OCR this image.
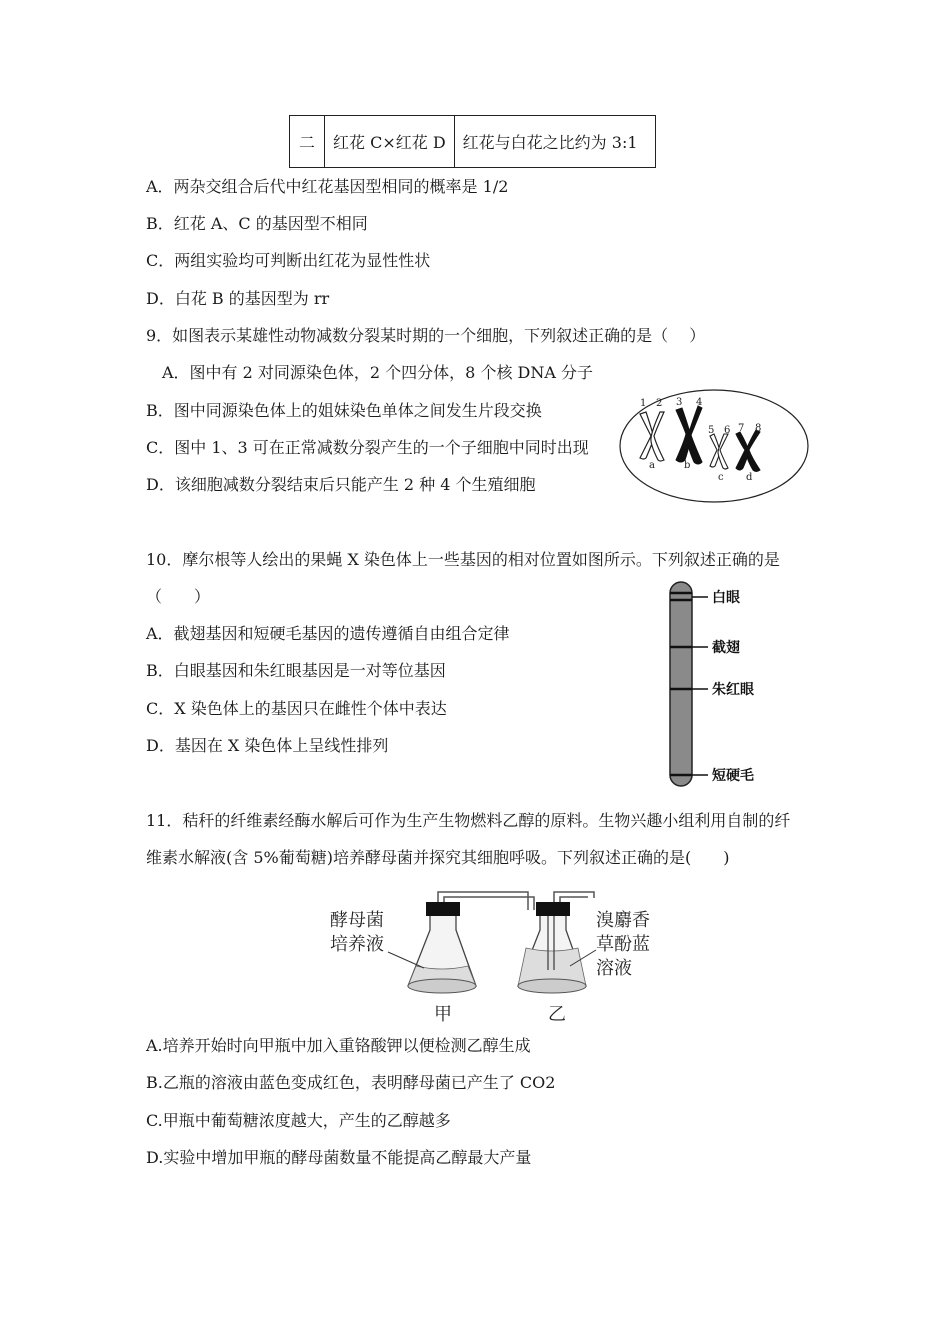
二	红花 C×红花 D	红花与白花之比约为 3:1
A．两杂交组合后代中红花基因型相同的概率是 1/2
B．红花 A、C 的基因型不相同
C．两组实验均可判断出红花为显性性状
D．白花 B 的基因型为 rr
9．如图表示某雄性动物减数分裂某时期的一个细胞，下列叙述正确的是（　 ）
A．图中有 2 对同源染色体，2 个四分体，8 个核 DNA 分子
B．图中同源染色体上的姐妹染色单体之间发生片段交换
C．图中 1、3 可在正常减数分裂产生的一个子细胞中同时出现
D．该细胞减数分裂结束后只能产生 2 种 4 个生殖细胞
1 2 3 4
5 6 7 8
a	b
c d
10．摩尔根等人绘出的果蝇 X 染色体上一些基因的相对位置如图所示。下列叙述正确的是
（　　）
A．截翅基因和短硬毛基因的遗传遵循自由组合定律
B．白眼基因和朱红眼基因是一对等位基因
C．X 染色体上的基因只在雌性个体中表达
D．基因在 X 染色体上呈线性排列
白眼
截翅
朱红眼
短硬毛
11．秸秆的纤维素经酶水解后可作为生产生物燃料乙醇的原料。生物兴趣小组利用自制的纤
维素水解液(含 5%葡萄糖)培养酵母菌并探究其细胞呼吸。下列叙述正确的是(　　)
酵母菌
培养液
溴麝香
草酚蓝
溶液
甲	乙
A.培养开始时向甲瓶中加入重铬酸钾以便检测乙醇生成
B.乙瓶的溶液由蓝色变成红色，表明酵母菌已产生了 CO2
C.甲瓶中葡萄糖浓度越大，产生的乙醇越多
D.实验中增加甲瓶的酵母菌数量不能提高乙醇最大产量
